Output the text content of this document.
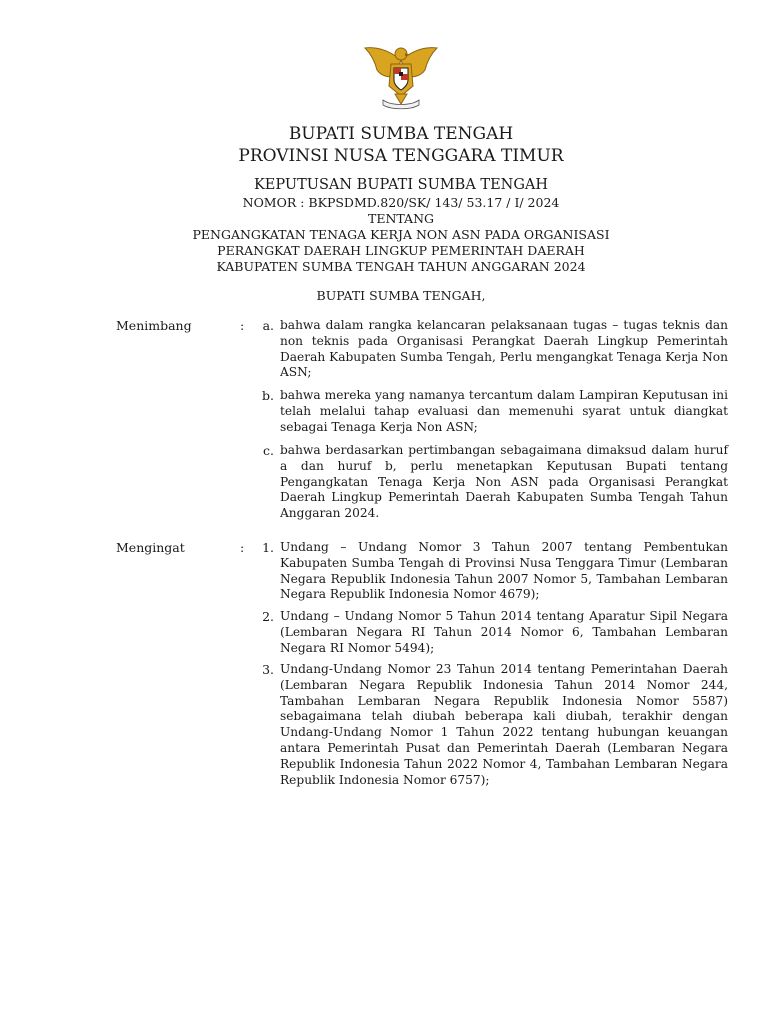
BUPATI SUMBA TENGAH
PROVINSI NUSA TENGGARA TIMUR
KEPUTUSAN BUPATI SUMBA TENGAH
NOMOR : BKPSDMD.820/SK/ 143/ 53.17 / I/ 2024
TENTANG
PENGANGKATAN TENAGA KERJA NON ASN PADA ORGANISASI
PERANGKAT DAERAH LINGKUP PEMERINTAH DAERAH
KABUPATEN SUMBA TENGAH TAHUN ANGGARAN 2024
BUPATI SUMBA TENGAH,
Menimbang	:	a. bahwa dalam rangka kelancaran pelaksanaan tugas – tugas teknis dan non teknis pada Organisasi Perangkat Daerah Lingkup Pemerintah Daerah Kabupaten Sumba Tengah, Perlu mengangkat Tenaga Kerja Non ASN;
b. bahwa mereka yang namanya tercantum dalam Lampiran Keputusan ini telah melalui tahap evaluasi dan memenuhi syarat untuk diangkat sebagai Tenaga Kerja Non ASN;
c. bahwa berdasarkan pertimbangan sebagaimana dimaksud dalam huruf a dan huruf b, perlu menetapkan Keputusan Bupati tentang Pengangkatan Tenaga Kerja Non ASN pada Organisasi Perangkat Daerah Lingkup Pemerintah Daerah Kabupaten Sumba Tengah Tahun Anggaran 2024.
Mengingat	:	1. Undang – Undang Nomor 3 Tahun 2007 tentang Pembentukan Kabupaten Sumba Tengah di Provinsi Nusa Tenggara Timur (Lembaran Negara Republik Indonesia Tahun 2007 Nomor 5, Tambahan Lembaran Negara Republik Indonesia Nomor 4679);
2. Undang – Undang Nomor 5 Tahun 2014 tentang Aparatur Sipil Negara (Lembaran Negara RI Tahun 2014 Nomor 6, Tambahan Lembaran Negara RI Nomor 5494);
3. Undang-Undang Nomor 23 Tahun 2014 tentang Pemerintahan Daerah (Lembaran Negara Republik Indonesia Tahun 2014 Nomor 244, Tambahan Lembaran Negara Republik Indonesia Nomor 5587) sebagaimana telah diubah beberapa kali diubah, terakhir dengan Undang-Undang Nomor 1 Tahun 2022 tentang hubungan keuangan antara Pemerintah Pusat dan Pemerintah Daerah (Lembaran Negara Republik Indonesia Tahun 2022 Nomor 4, Tambahan Lembaran Negara Republik Indonesia Nomor 6757);
